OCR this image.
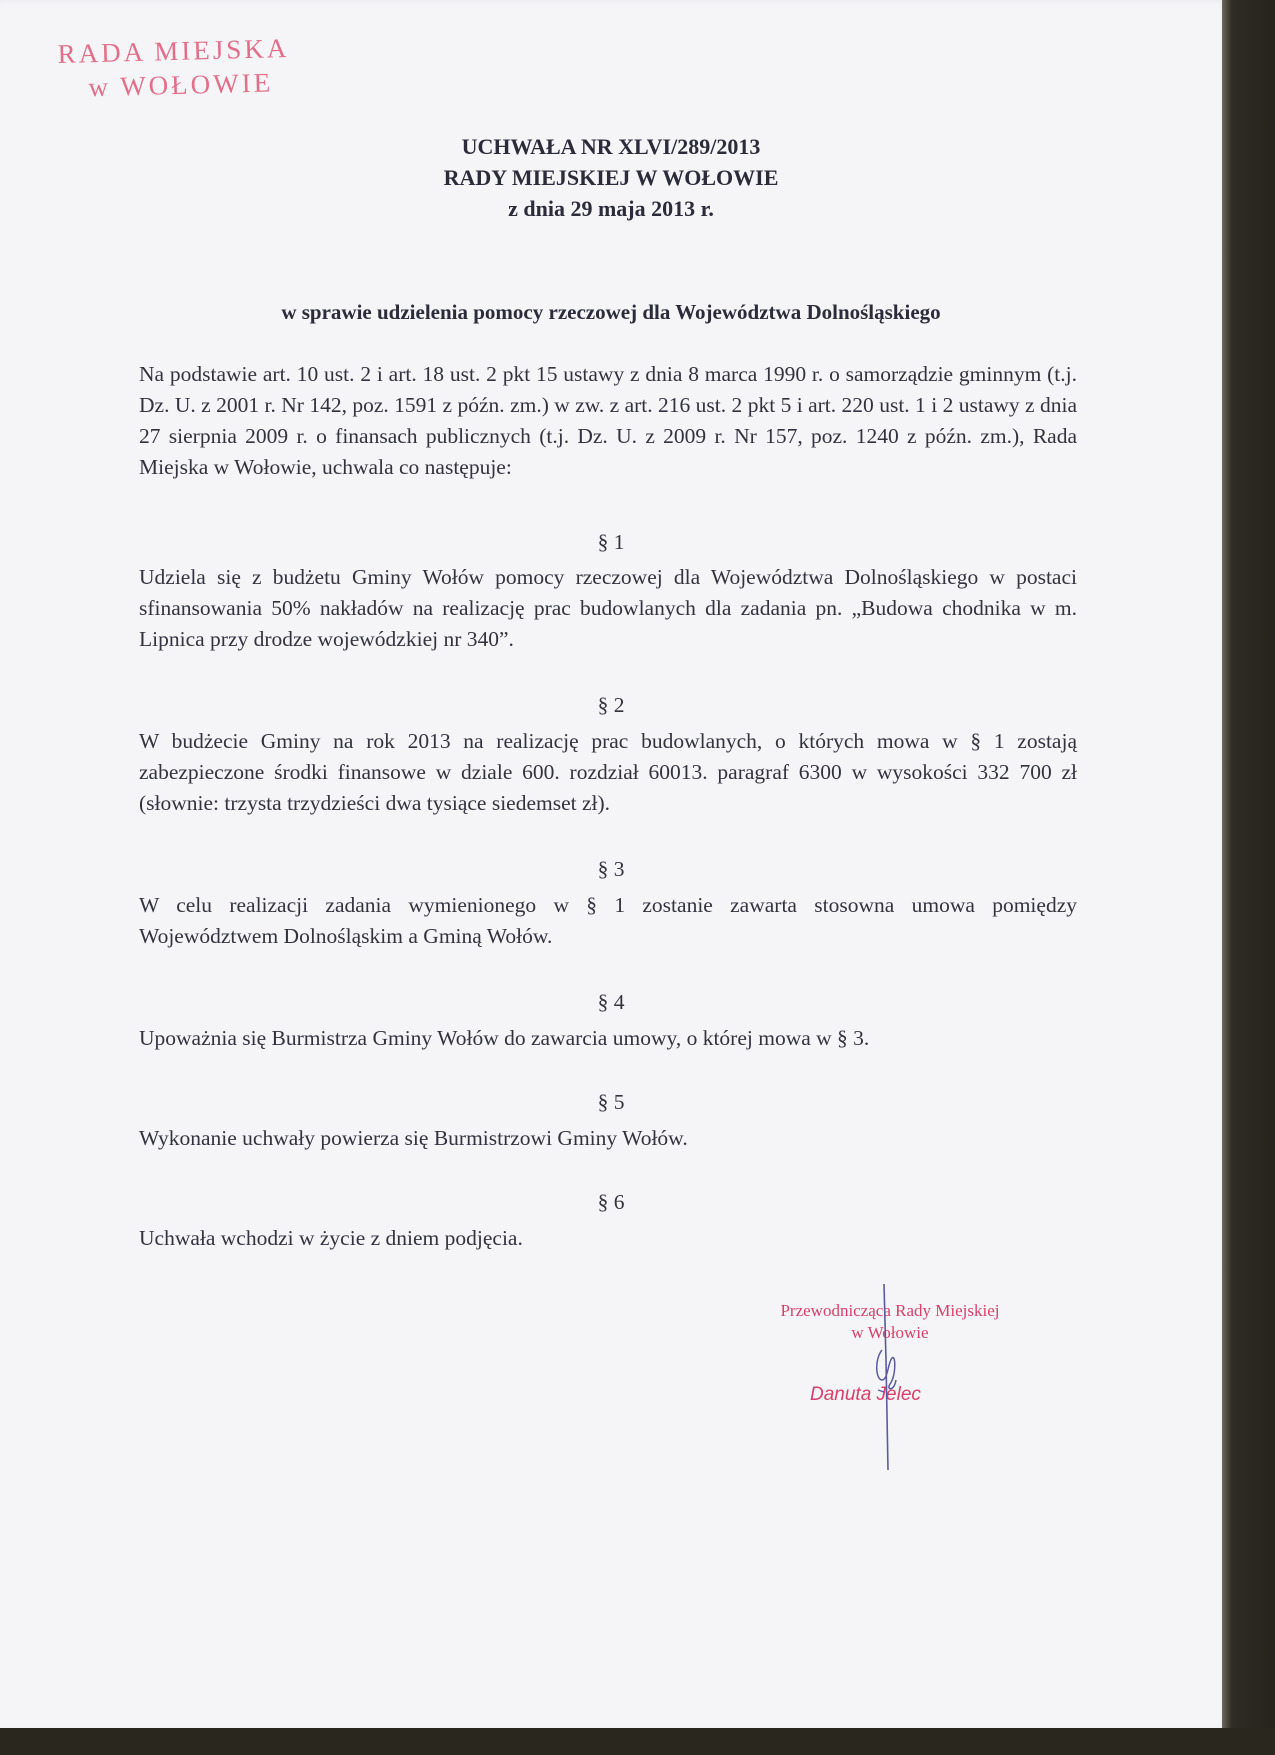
RADA MIEJSKA
w WOŁOWIE
UCHWAŁA NR XLVI/289/2013
RADY MIEJSKIEJ W WOŁOWIE
z dnia 29 maja 2013 r.
w sprawie udzielenia pomocy rzeczowej dla Województwa Dolnośląskiego
Na podstawie art. 10 ust. 2 i art. 18 ust. 2 pkt 15 ustawy z dnia 8 marca 1990 r. o samorządzie gminnym (t.j. Dz. U. z 2001 r. Nr 142, poz. 1591 z późn. zm.) w zw. z art. 216 ust. 2 pkt 5 i art. 220 ust. 1 i 2 ustawy z dnia 27 sierpnia 2009 r. o finansach publicznych (t.j. Dz. U. z 2009 r. Nr 157, poz. 1240 z późn. zm.), Rada Miejska w Wołowie, uchwala co następuje:
§ 1
Udziela się z budżetu Gminy Wołów pomocy rzeczowej dla Województwa Dolnośląskiego w postaci sfinansowania 50% nakładów na realizację prac budowlanych dla zadania pn. „Budowa chodnika w m. Lipnica przy drodze wojewódzkiej nr 340”.
§ 2
W budżecie Gminy na rok 2013 na realizację prac budowlanych, o których mowa w § 1 zostają zabezpieczone środki finansowe w dziale 600. rozdział 60013. paragraf 6300 w wysokości 332 700 zł (słownie: trzysta trzydzieści dwa tysiące siedemset zł).
§ 3
W celu realizacji zadania wymienionego w § 1 zostanie zawarta stosowna umowa pomiędzy Województwem Dolnośląskim a Gminą Wołów.
§ 4
Upoważnia się Burmistrza Gminy Wołów do zawarcia umowy, o której mowa w § 3.
§ 5
Wykonanie uchwały powierza się Burmistrzowi Gminy Wołów.
§ 6
Uchwała wchodzi w życie z dniem podjęcia.
Przewodnicząca Rady Miejskiej
w Wołowie
Danuta Jelec
